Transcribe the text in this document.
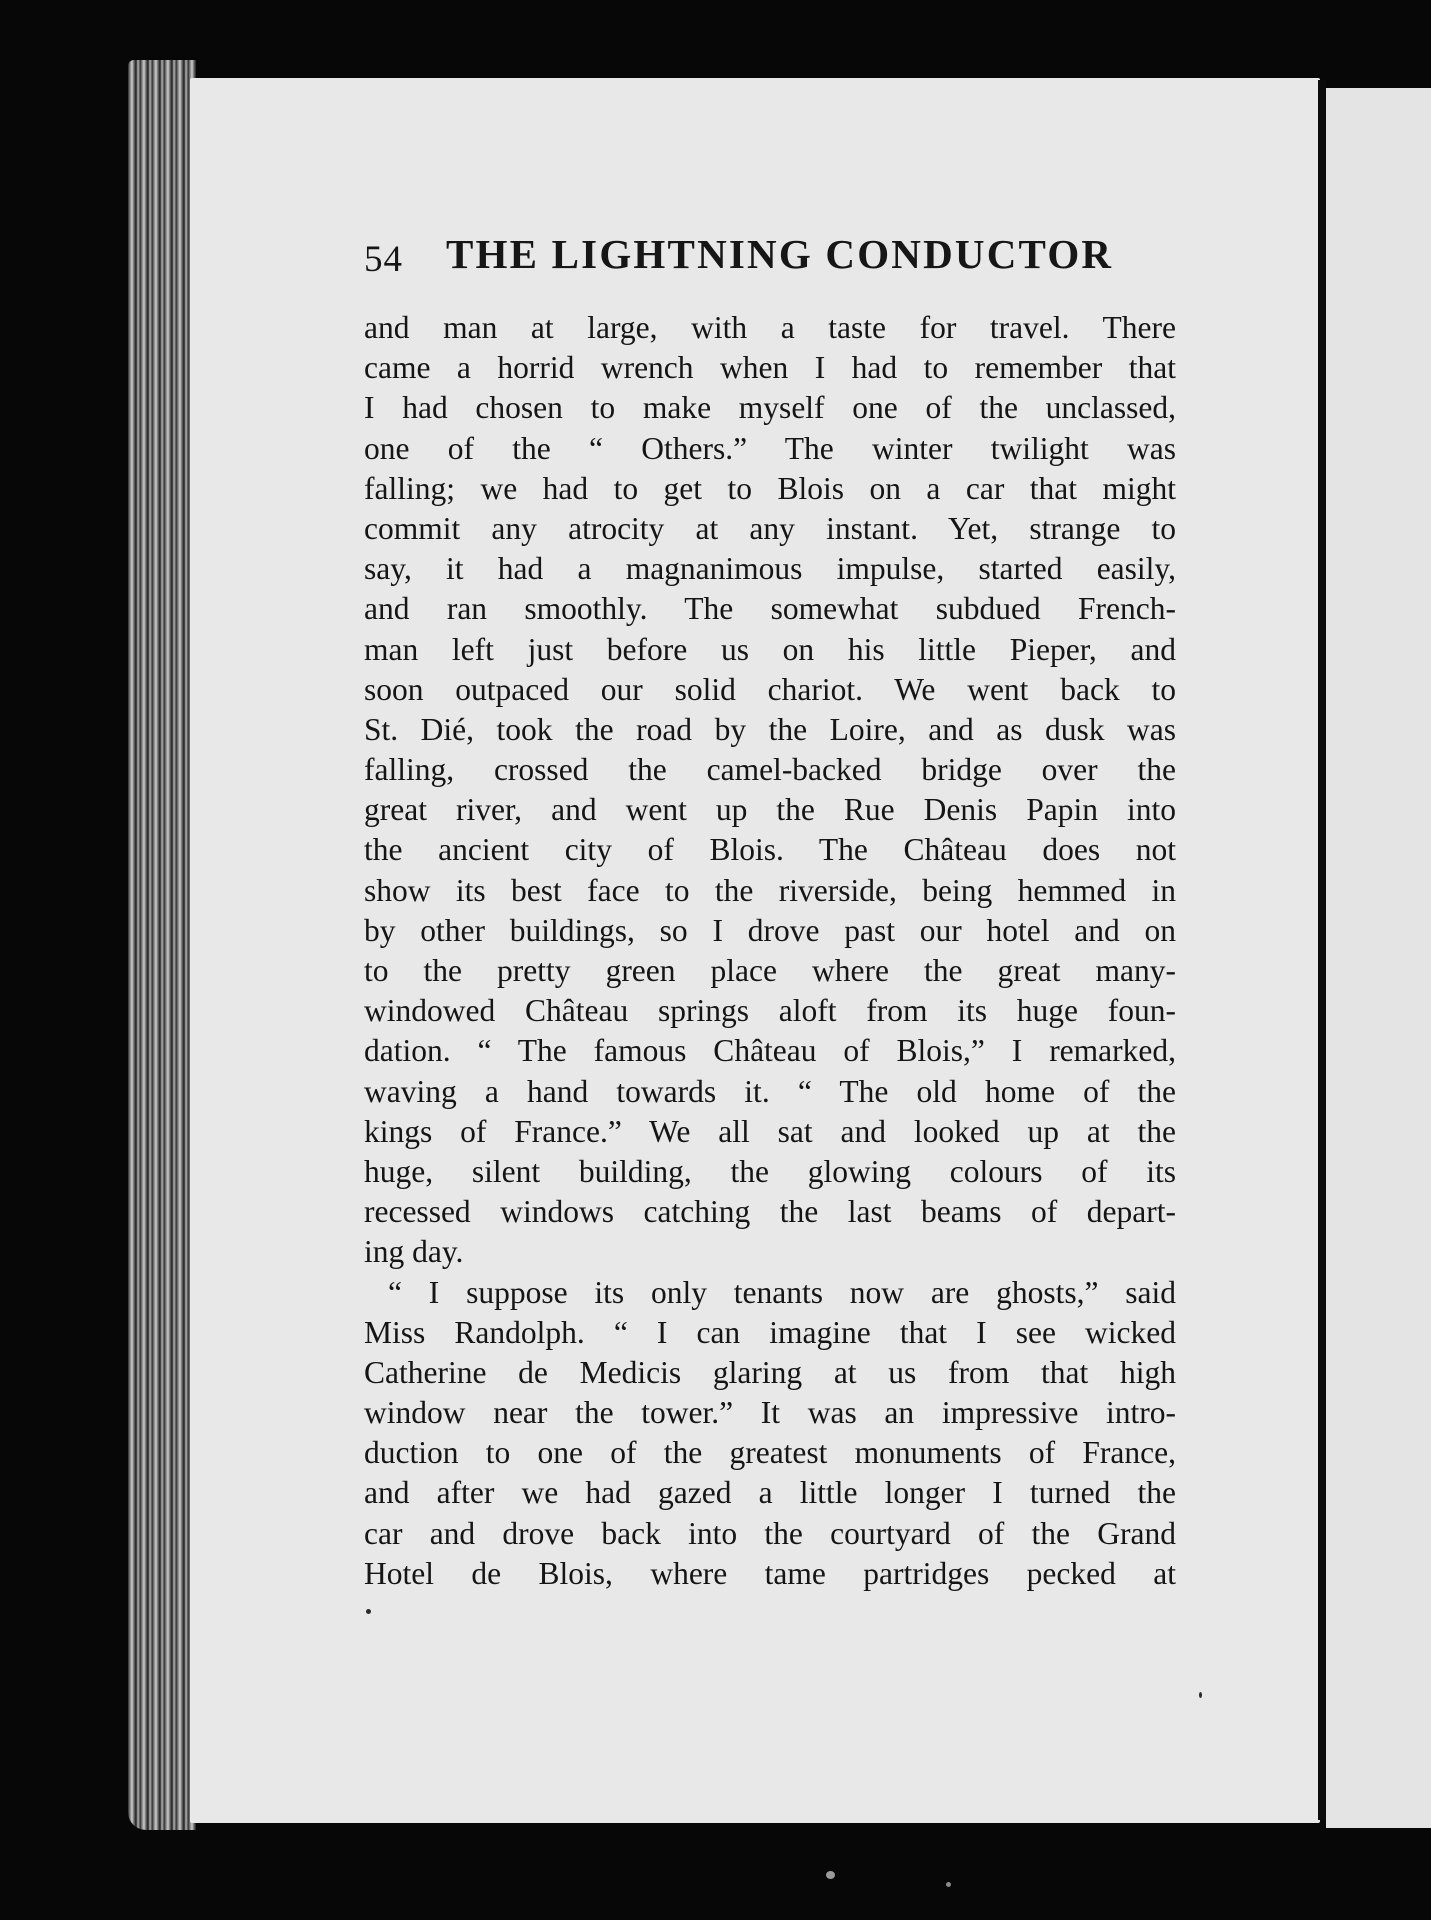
54 THE LIGHTNING CONDUCTOR
and man at large, with a taste for travel. There
came a horrid wrench when I had to remember that
I had chosen to make myself one of the unclassed,
one of the “ Others.” The winter twilight was
falling; we had to get to Blois on a car that might
commit any atrocity at any instant. Yet, strange to
say, it had a magnanimous impulse, started easily,
and ran smoothly. The somewhat subdued French-
man left just before us on his little Pieper, and
soon outpaced our solid chariot. We went back to
St. Dié, took the road by the Loire, and as dusk was
falling, crossed the camel-backed bridge over the
great river, and went up the Rue Denis Papin into
the ancient city of Blois. The Château does not
show its best face to the riverside, being hemmed in
by other buildings, so I drove past our hotel and on
to the pretty green place where the great many-
windowed Château springs aloft from its huge foun-
dation. “ The famous Château of Blois,” I remarked,
waving a hand towards it. “ The old home of the
kings of France.” We all sat and looked up at the
huge, silent building, the glowing colours of its
recessed windows catching the last beams of depart-
ing day.
“ I suppose its only tenants now are ghosts,” said
Miss Randolph. “ I can imagine that I see wicked
Catherine de Medicis glaring at us from that high
window near the tower.” It was an impressive intro-
duction to one of the greatest monuments of France,
and after we had gazed a little longer I turned the
car and drove back into the courtyard of the Grand
Hotel de Blois, where tame partridges pecked at
